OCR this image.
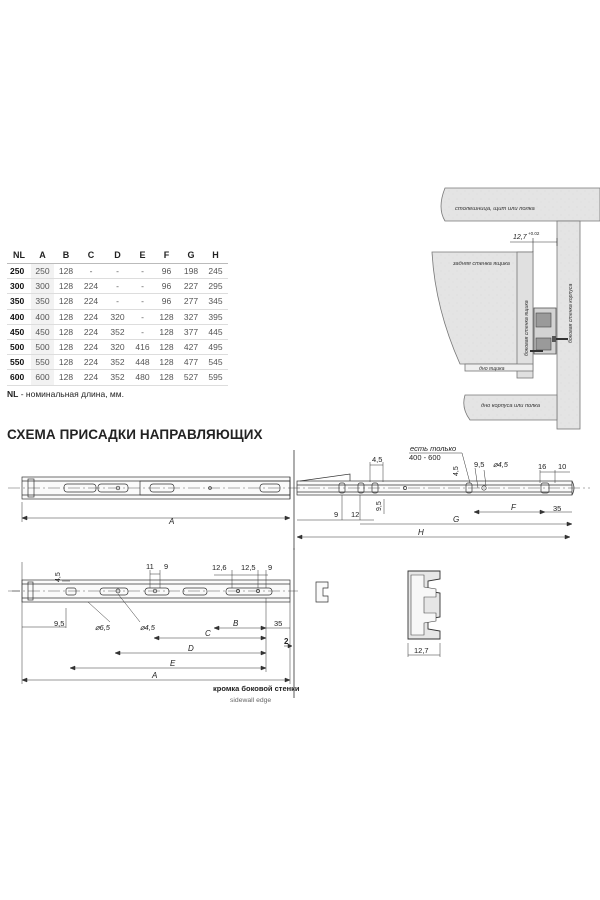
12,7
+0.02
столешница, щит или полка
задняя стенка ящика
боковая стенка ящика	боковая стенка корпуса
дно ящика
дно корпуса или полка
NL	A	B	C	D	E	F	G	H
250	250	128	-	-	-	96	198	245
300	300	128	224	-	-	96	227	295
350	350	128	224	-	-	96	277	345
400	400	128	224	320	-	128	327	395
450	450	128	224	352	-	128	377	445
500	500	128	224	320	416	128	427	495
550	550	128	224	352	448	128	477	545
600	600	128	224	352	480	128	527	595
NL - номинальная длина, мм.
СХЕМА ПРИСАДКИ НАПРАВЛЯЮЩИХ
есть только
400 - 600
4,5
4,5
9,5 ⌀4,5	16 10
9 12
9,5	35
A
F
G
H
4,5
11 9	12,6 12,5 9
9,5	⌀6,5	⌀4,5	B	35
C
D
E
A
2
кромка боковой стенки
sidewall edge
12,7
